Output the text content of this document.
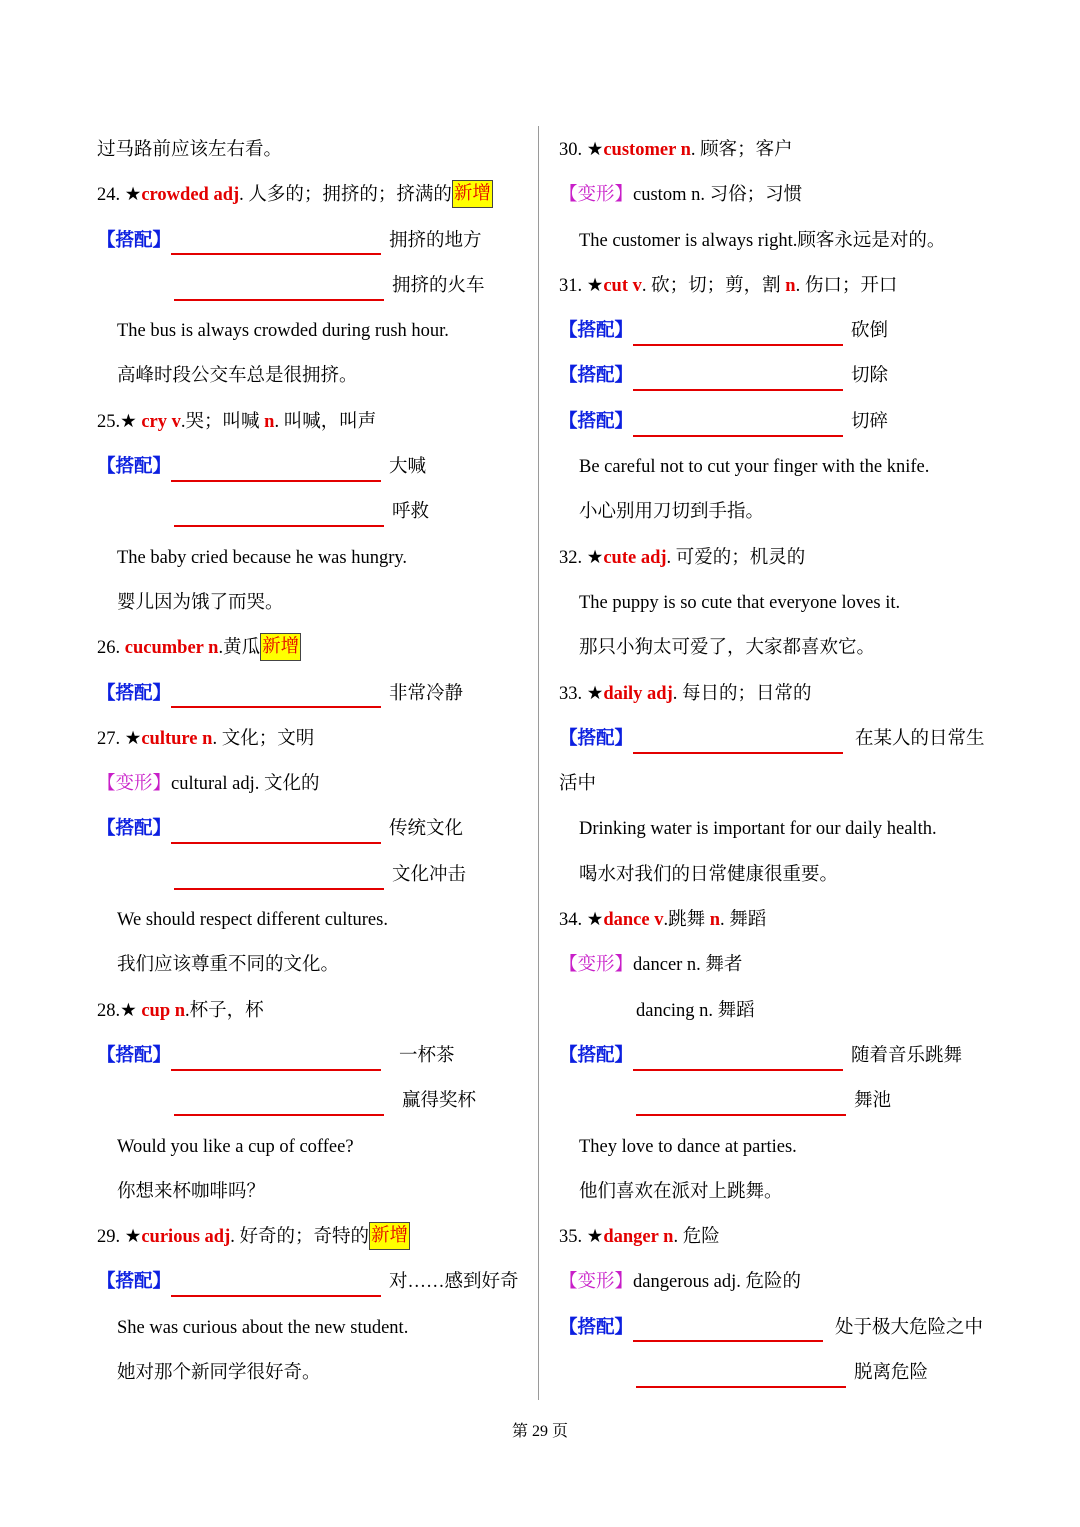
过马路前应该左右看。
24. ★crowded adj. 人多的；拥挤的；挤满的 新增
【搭配】	拥挤的地方
拥挤的火车
The bus is always crowded during rush hour.
高峰时段公交车总是很拥挤。
25.★ cry v.哭；叫喊 n. 叫喊，叫声
【搭配】	大喊
呼救
The baby cried because he was hungry.
婴儿因为饿了而哭。
26. cucumber n.黄瓜 新增
【搭配】	非常冷静
27. ★culture n. 文化；文明
【变形】cultural adj. 文化的
【搭配】	传统文化
文化冲击
We should respect different cultures.
我们应该尊重不同的文化。
28.★ cup n.杯子，杯
【搭配】	一杯茶
赢得奖杯
Would you like a cup of coffee?
你想来杯咖啡吗？
29. ★curious adj. 好奇的；奇特的 新增
【搭配】	对……感到好奇
She was curious about the new student.
她对那个新同学很好奇。
30. ★customer n. 顾客；客户
【变形】custom n. 习俗；习惯
The customer is always right.顾客永远是对的。
31. ★cut v. 砍；切；剪，割 n. 伤口；开口
【搭配】	砍倒
【搭配】	切除
【搭配】	切碎
Be careful not to cut your finger with the knife.
小心别用刀切到手指。
32. ★cute adj. 可爱的；机灵的
The puppy is so cute that everyone loves it.
那只小狗太可爱了，大家都喜欢它。
33. ★daily adj. 每日的；日常的
【搭配】	在某人的日常生
活中
Drinking water is important for our daily health.
喝水对我们的日常健康很重要。
34. ★dance v.跳舞 n. 舞蹈
【变形】dancer n. 舞者
dancing n. 舞蹈
【搭配】	随着音乐跳舞
舞池
They love to dance at parties.
他们喜欢在派对上跳舞。
35. ★danger n. 危险
【变形】dangerous adj. 危险的
【搭配】	处于极大危险之中
脱离危险
第 29 页
